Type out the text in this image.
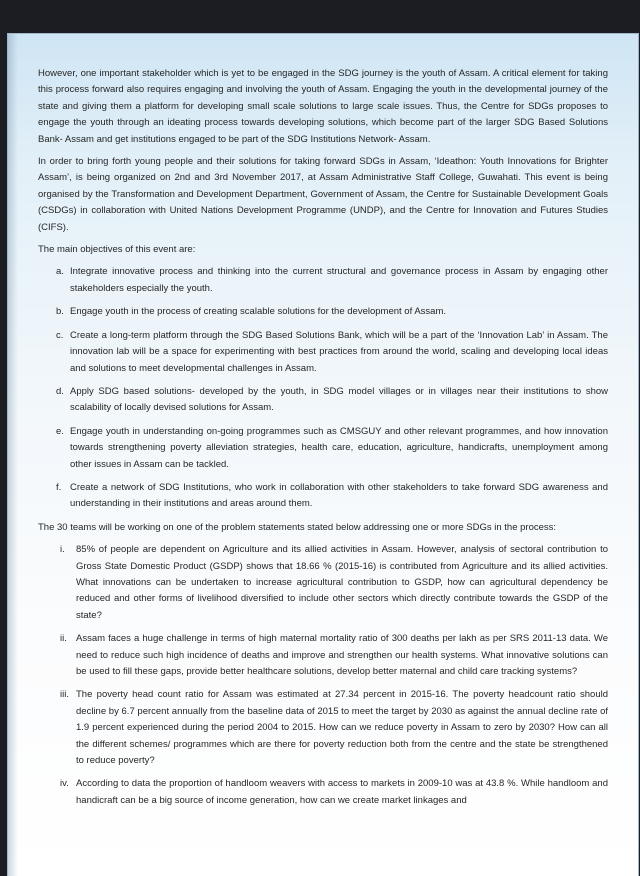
However, one important stakeholder which is yet to be engaged in the SDG journey is the youth of Assam. A critical element for taking this process forward also requires engaging and involving the youth of Assam. Engaging the youth in the developmental journey of the state and giving them a platform for developing small scale solutions to large scale issues. Thus, the Centre for SDGs proposes to engage the youth through an ideating process towards developing solutions, which become part of the larger SDG Based Solutions Bank- Assam and get institutions engaged to be part of the SDG Institutions Network- Assam.

In order to bring forth young people and their solutions for taking forward SDGs in Assam, ‘Ideathon: Youth Innovations for Brighter Assam’, is being organized on 2nd and 3rd November 2017, at Assam Administrative Staff College, Guwahati. This event is being organised by the Transformation and Development Department, Government of Assam, the Centre for Sustainable Development Goals (CSDGs) in collaboration with United Nations Development Programme (UNDP), and the Centre for Innovation and Futures Studies (CIFS).

The main objectives of this event are:

a. Integrate innovative process and thinking into the current structural and governance process in Assam by engaging other stakeholders especially the youth.
b. Engage youth in the process of creating scalable solutions for the development of Assam.
c. Create a long-term platform through the SDG Based Solutions Bank, which will be a part of the ‘Innovation Lab’ in Assam. The innovation lab will be a space for experimenting with best practices from around the world, scaling and developing local ideas and solutions to meet developmental challenges in Assam.
d. Apply SDG based solutions- developed by the youth, in SDG model villages or in villages near their institutions to show scalability of locally devised solutions for Assam.
e. Engage youth in understanding on-going programmes such as CMSGUY and other relevant programmes, and how innovation towards strengthening poverty alleviation strategies, health care, education, agriculture, handicrafts, unemployment among other issues in Assam can be tackled.
f. Create a network of SDG Institutions, who work in collaboration with other stakeholders to take forward SDG awareness and understanding in their institutions and areas around them.

The 30 teams will be working on one of the problem statements stated below addressing one or more SDGs in the process:

i. 85% of people are dependent on Agriculture and its allied activities in Assam. However, analysis of sectoral contribution to Gross State Domestic Product (GSDP) shows that 18.66 % (2015-16) is contributed from Agriculture and its allied activities. What innovations can be undertaken to increase agricultural contribution to GSDP, how can agricultural dependency be reduced and other forms of livelihood diversified to include other sectors which directly contribute towards the GSDP of the state?
ii. Assam faces a huge challenge in terms of high maternal mortality ratio of 300 deaths per lakh as per SRS 2011-13 data. We need to reduce such high incidence of deaths and improve and strengthen our health systems. What innovative solutions can be used to fill these gaps, provide better healthcare solutions, develop better maternal and child care tracking systems?
iii. The poverty head count ratio for Assam was estimated at 27.34 percent in 2015-16. The poverty headcount ratio should decline by 6.7 percent annually from the baseline data of 2015 to meet the target by 2030 as against the annual decline rate of 1.9 percent experienced during the period 2004 to 2015. How can we reduce poverty in Assam to zero by 2030? How can all the different schemes/ programmes which are there for poverty reduction both from the centre and the state be strengthened to reduce poverty?
iv. According to data the proportion of handloom weavers with access to markets in 2009-10 was at 43.8 %. While handloom and handicraft can be a big source of income generation, how can we create market linkages and
